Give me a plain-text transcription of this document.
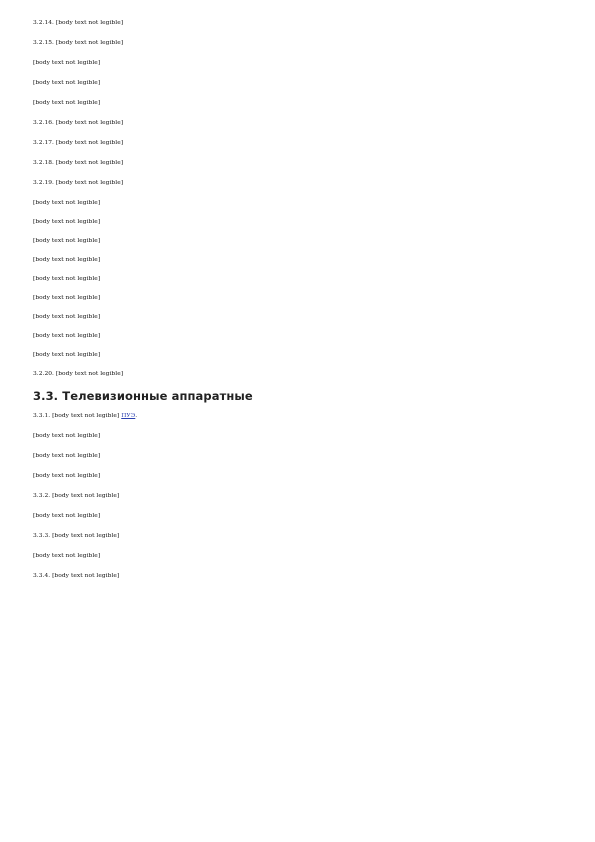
3.2.14. [body text not legible]

3.2.15. [body text not legible]

[body text not legible]

[body text not legible]

[body text not legible]

3.2.16. [body text not legible]

3.2.17. [body text not legible]

3.2.18. [body text not legible]

3.2.19. [body text not legible]

[body text not legible]

[body text not legible]

[body text not legible]

[body text not legible]

[body text not legible]

[body text not legible]

[body text not legible]

[body text not legible]

[body text not legible]

3.2.20. [body text not legible]

3.3. Телевизионные аппаратные

3.3.1. [body text not legible] ПУЭ.

[body text not legible]

[body text not legible]

[body text not legible]

3.3.2. [body text not legible]

[body text not legible]

3.3.3. [body text not legible]

[body text not legible]

3.3.4. [body text not legible]
